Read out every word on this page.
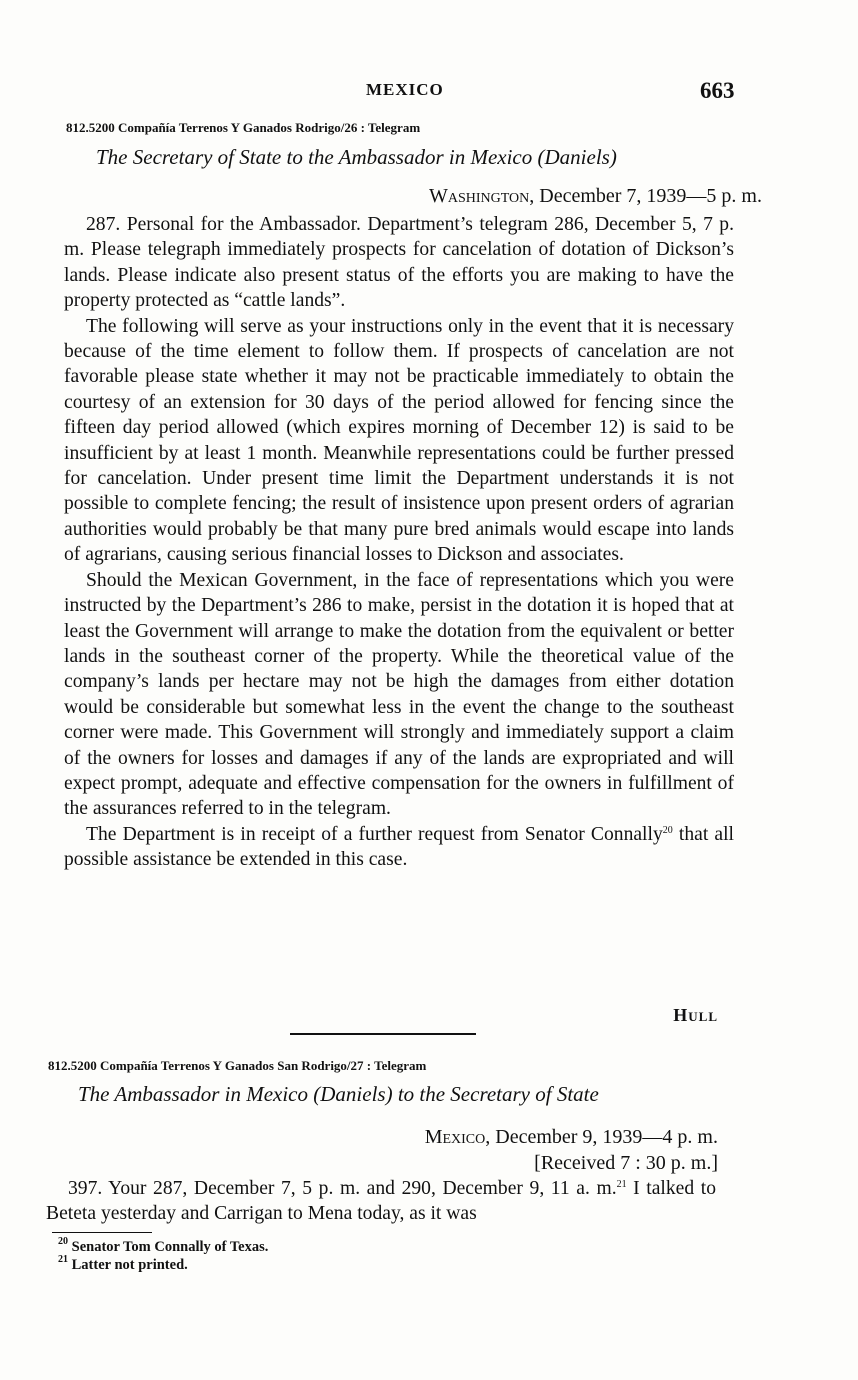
MEXICO	663
812.5200 Compañía Terrenos Y Ganados Rodrigo/26 : Telegram
The Secretary of State to the Ambassador in Mexico (Daniels)
Washington, December 7, 1939—5 p. m.

287. Personal for the Ambassador. Department’s telegram 286, December 5, 7 p. m. Please telegraph immediately prospects for cancelation of dotation of Dickson’s lands. Please indicate also present status of the efforts you are making to have the property protected as “cattle lands”.

The following will serve as your instructions only in the event that it is necessary because of the time element to follow them. If prospects of cancelation are not favorable please state whether it may not be practicable immediately to obtain the courtesy of an extension for 30 days of the period allowed for fencing since the fifteen day period allowed (which expires morning of December 12) is said to be insufficient by at least 1 month. Meanwhile representations could be further pressed for cancelation. Under present time limit the Department understands it is not possible to complete fencing; the result of insistence upon present orders of agrarian authorities would probably be that many pure bred animals would escape into lands of agrarians, causing serious financial losses to Dickson and associates.

Should the Mexican Government, in the face of representations which you were instructed by the Department’s 286 to make, persist in the dotation it is hoped that at least the Government will arrange to make the dotation from the equivalent or better lands in the southeast corner of the property. While the theoretical value of the company’s lands per hectare may not be high the damages from either dotation would be considerable but somewhat less in the event the change to the southeast corner were made. This Government will strongly and immediately support a claim of the owners for losses and damages if any of the lands are expropriated and will expect prompt, adequate and effective compensation for the owners in fulfillment of the assurances referred to in the telegram.

The Department is in receipt of a further request from Senator Connally$^{20}$ that all possible assistance be extended in this case.

Hull
812.5200 Compañía Terrenos Y Ganados San Rodrigo/27 : Telegram
The Ambassador in Mexico (Daniels) to the Secretary of State
Mexico, December 9, 1939—4 p. m.
[Received 7 : 30 p. m.]

397. Your 287, December 7, 5 p. m. and 290, December 9, 11 a. m.$^{21}$ I talked to Beteta yesterday and Carrigan to Mena today, as it was

$^{20}$ Senator Tom Connally of Texas.
$^{21}$ Latter not printed.
